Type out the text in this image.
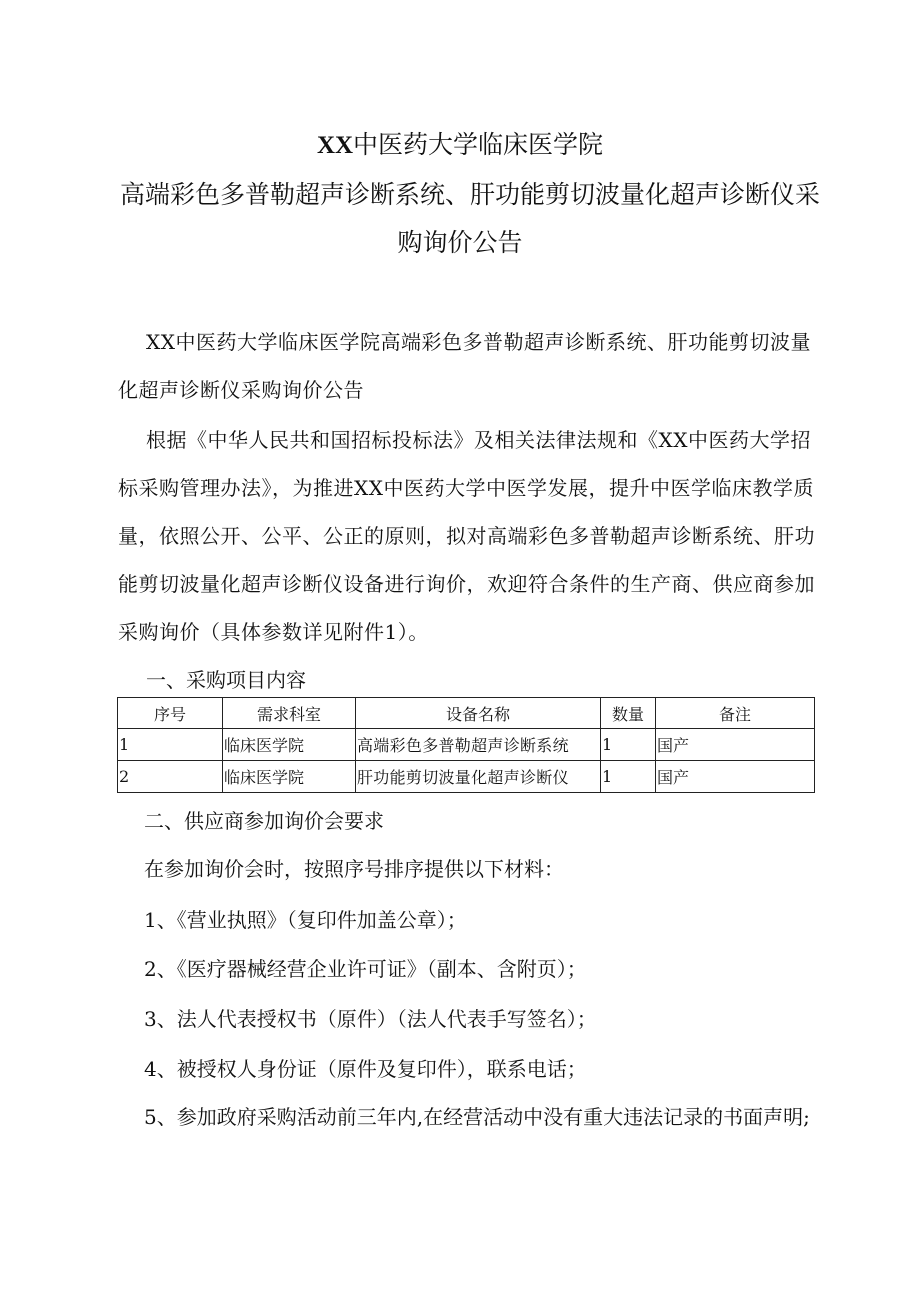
XX中医药大学临床医学院
高端彩色多普勒超声诊断系统、肝功能剪切波量化超声诊断仪采
购询价公告
XX中医药大学临床医学院高端彩色多普勒超声诊断系统、肝功能剪切波量化超声诊断仪采购询价公告
根据《中华人民共和国招标投标法》及相关法律法规和《XX中医药大学招标采购管理办法》，为推进XX中医药大学中医学发展，提升中医学临床教学质量，依照公开、公平、公正的原则，拟对高端彩色多普勒超声诊断系统、肝功能剪切波量化超声诊断仪设备进行询价，欢迎符合条件的生产商、供应商参加采购询价（具体参数详见附件1）。
一、采购项目内容
序号	需求科室	设备名称	数量	备注
1	临床医学院	高端彩色多普勒超声诊断系统	1	国产
2	临床医学院	肝功能剪切波量化超声诊断仪	1	国产
二、供应商参加询价会要求
在参加询价会时，按照序号排序提供以下材料：
1、《营业执照》（复印件加盖公章）；
2、《医疗器械经营企业许可证》（副本、含附页）；
3、法人代表授权书（原件）（法人代表手写签名）；
4、被授权人身份证（原件及复印件），联系电话；
5、参加政府采购活动前三年内,在经营活动中没有重大违法记录的书面声明;
